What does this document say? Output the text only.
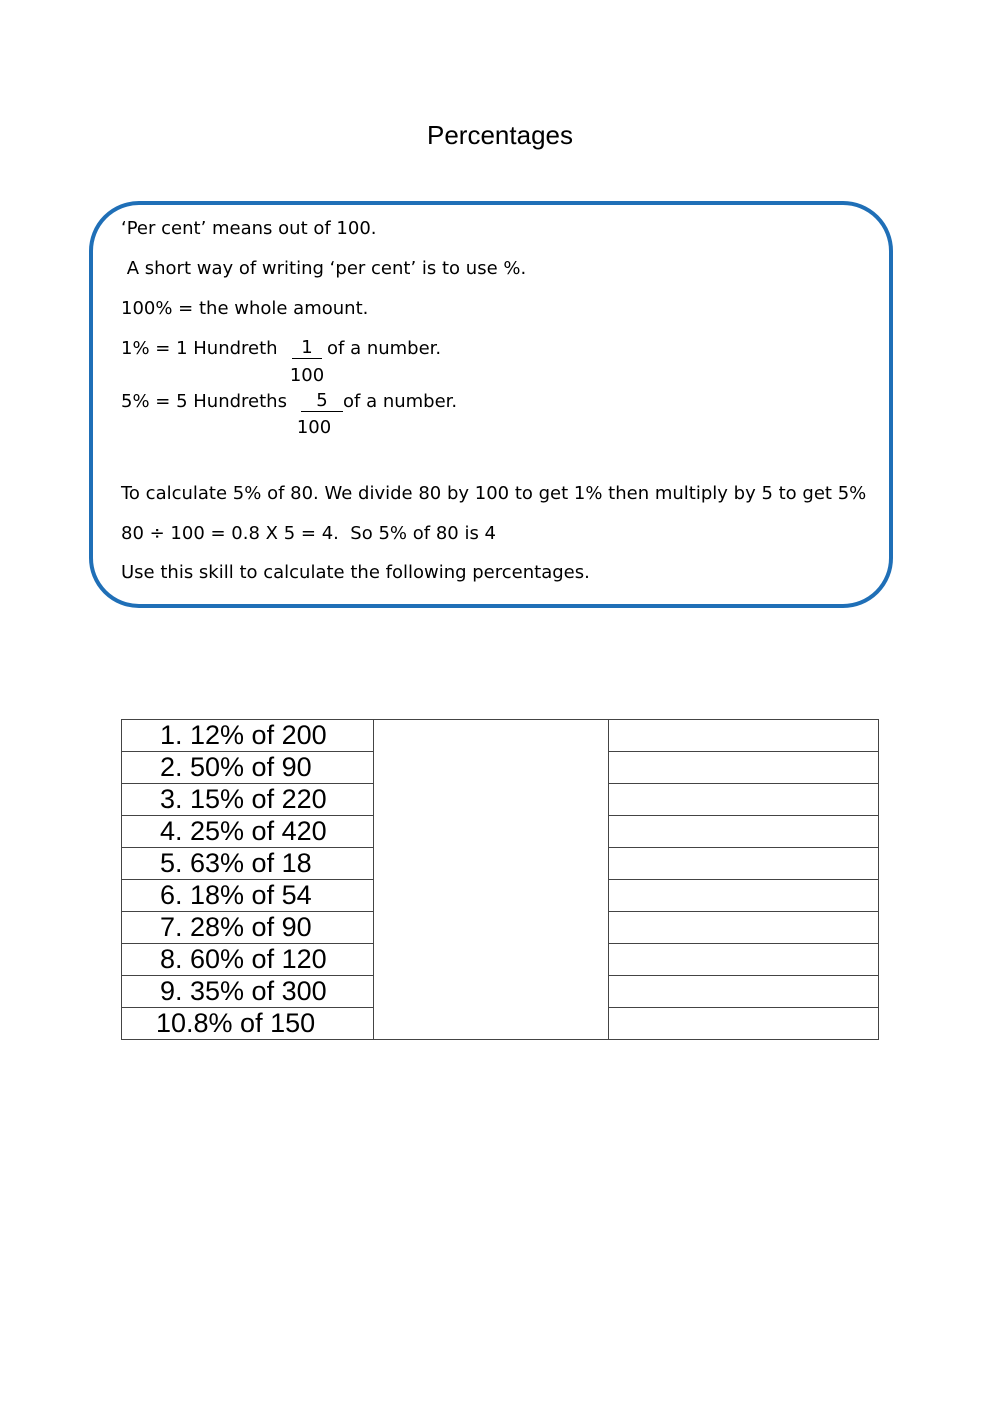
Percentages
‘Per cent’ means out of 100.
A short way of writing ‘per cent’ is to use %.
100% = the whole amount.
1% = 1 Hundreth	1 of a number.
100
5% = 5 Hundreths	5 of a number.
100
To calculate 5% of 80. We divide 80 by 100 to get 1% then multiply by 5 to get 5%
80 ÷ 100 = 0.8 X 5 = 4.  So 5% of 80 is 4
Use this skill to calculate the following percentages.
1. 12% of 200		
2. 50% of 90		
3. 15% of 220		
4. 25% of 420		
5. 63% of 18		
6. 18% of 54		
7. 28% of 90		
8. 60% of 120		
9. 35% of 300		
10.8% of 150		
